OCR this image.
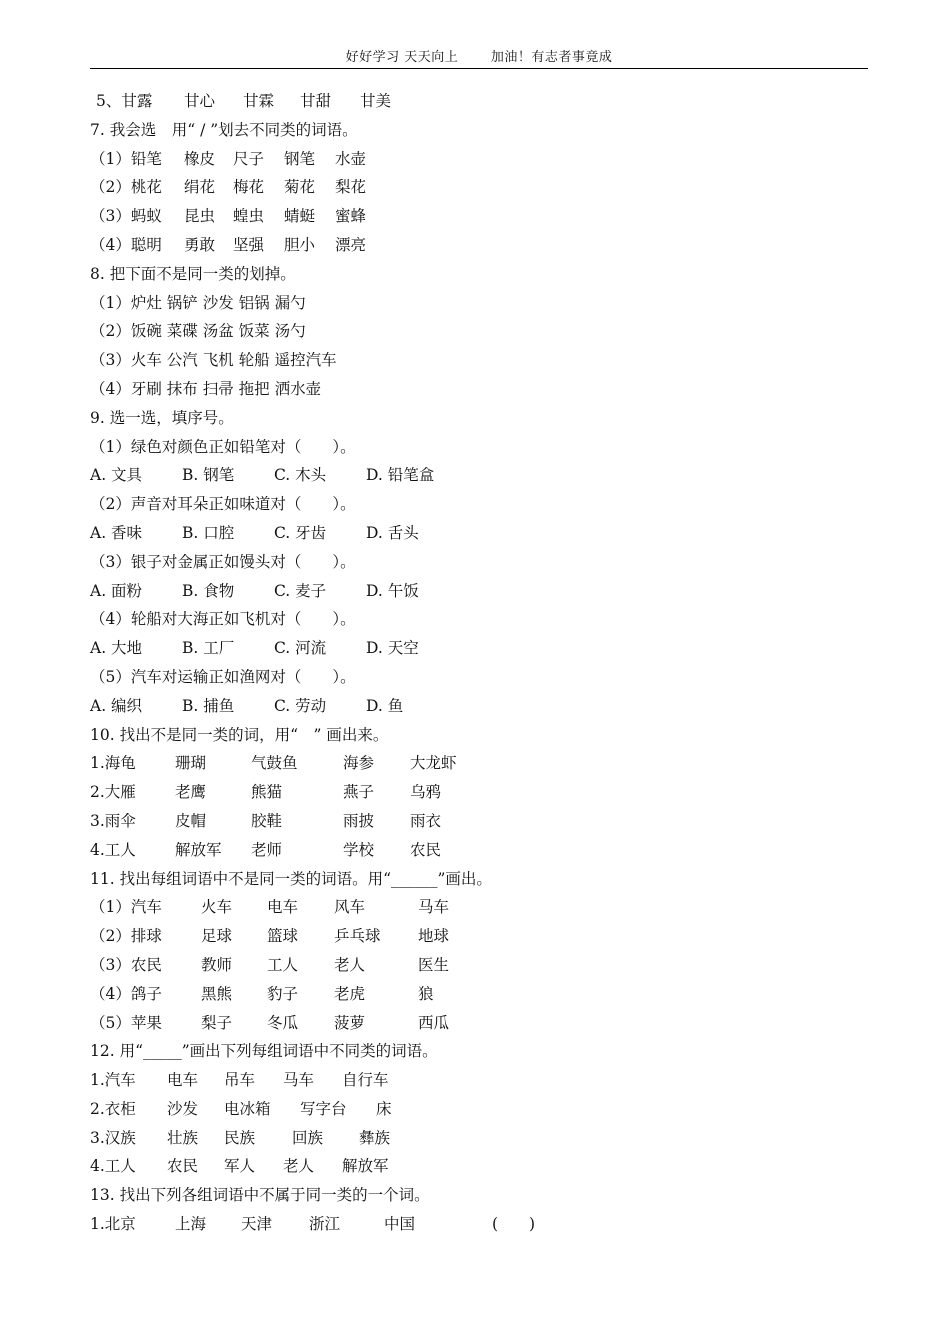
好好学习 天天向上	加油！有志者事竟成
5、甘露 甘心 甘霖 甘甜 甘美
7. 我会选　用“ / ”划去不同类的词语。
（1）铅笔 橡皮 尺子 钢笔 水壶
（2）桃花 绢花 梅花 菊花 梨花
（3）蚂蚁 昆虫 蝗虫 蜻蜓 蜜蜂
（4）聪明 勇敢 坚强 胆小 漂亮
8. 把下面不是同一类的划掉。
（1）炉灶 锅铲 沙发 铝锅 漏勺
（2）饭碗 菜碟 汤盆 饭菜 汤勺
（3）火车 公汽 飞机 轮船 遥控汽车
（4）牙刷 抹布 扫帚 拖把 洒水壶
9. 选一选，填序号。
（1）绿色对颜色正如铅笔对（　　）。
A. 文具	B. 钢笔	C. 木头	D. 铅笔盒
（2）声音对耳朵正如味道对（　　）。
A. 香味	B. 口腔	C. 牙齿	D. 舌头
（3）银子对金属正如馒头对（　　）。
A. 面粉	B. 食物	C. 麦子	D. 午饭
（4）轮船对大海正如飞机对（　　）。
A. 大地	B. 工厂	C. 河流	D. 天空
（5）汽车对运输正如渔网对（　　）。
A. 编织	B. 捕鱼	C. 劳动	D. 鱼
10. 找出不是同一类的词，用“　” 画出来。
1.海龟	珊瑚	气鼓鱼	海参 大龙虾
2.大雁	老鹰	熊猫	燕子 乌鸦
3.雨伞	皮帽	胶鞋	雨披 雨衣
4.工人	解放军 老师	学校 农民
11. 找出每组词语中不是同一类的词语。用“______”画出。
（1）汽车	火车 电车 风车	马车
（2）排球	足球 篮球 乒乓球 地球
（3）农民	教师 工人 老人	医生
（4）鸽子	黑熊 豹子 老虎	狼
（5）苹果	梨子 冬瓜 菠萝	西瓜
12. 用“_____”画出下列每组词语中不同类的词语。
1.汽车 电车 吊车 马车 自行车
2.衣柜 沙发 电冰箱 写字台 床
3.汉族 壮族 民族 回族 彝族
4.工人 农民 军人 老人 解放军
13. 找出下列各组词语中不属于同一类的一个词。
1.北京	上海 天津 浙江	中国	(　　)
